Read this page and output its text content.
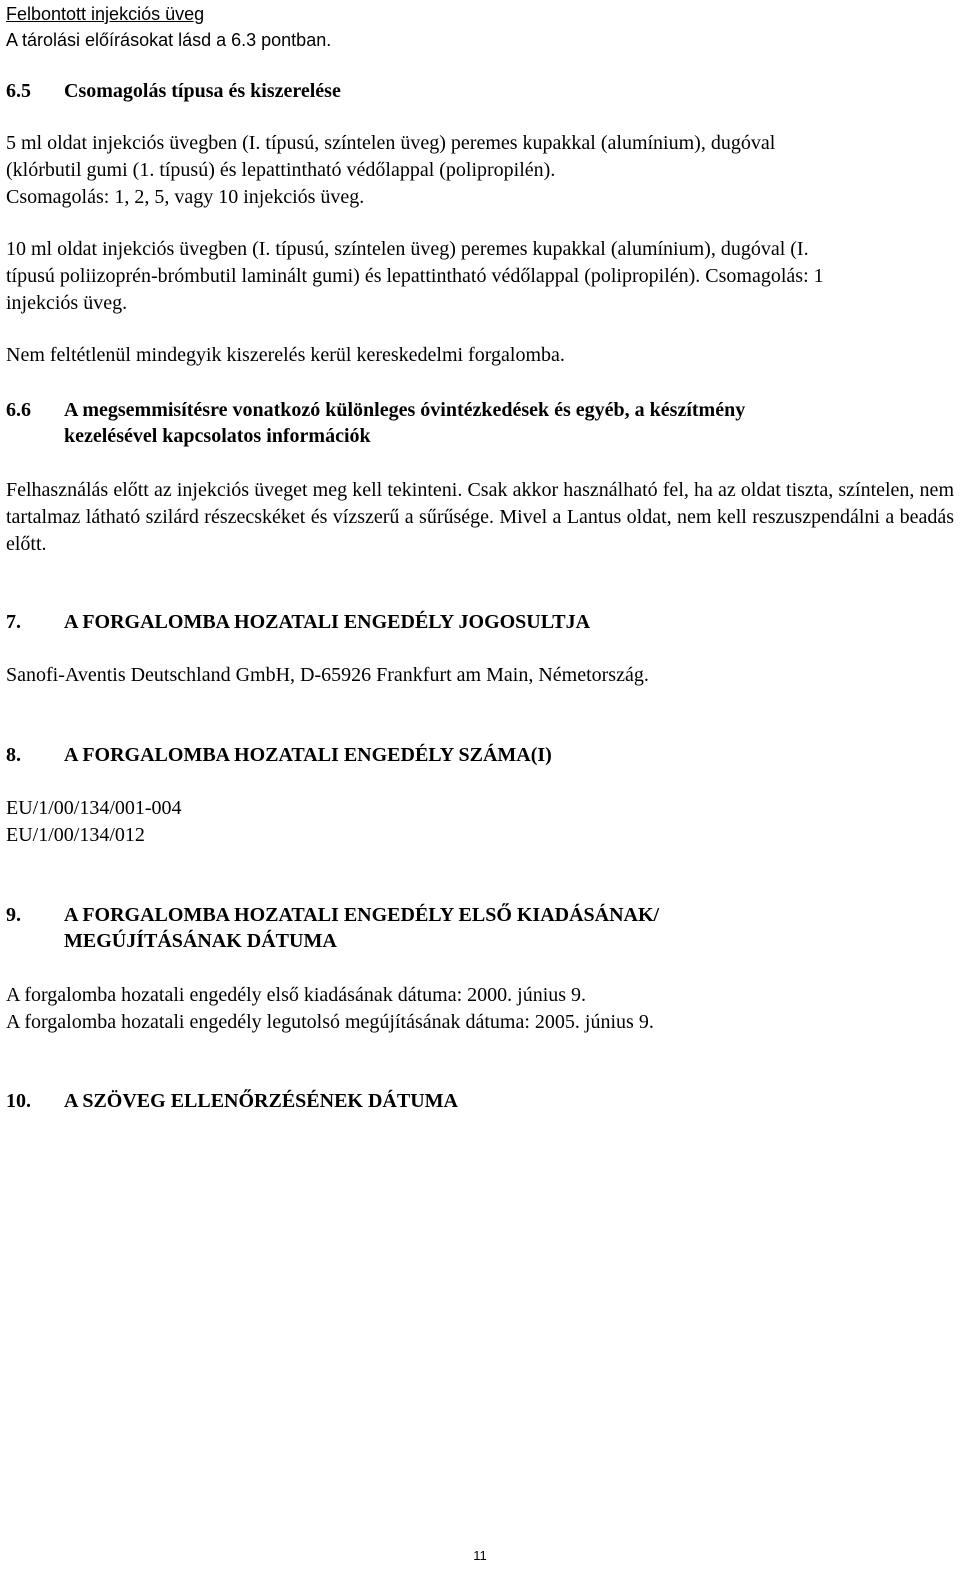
Felbontott injekciós üveg
A tárolási előírásokat lásd a 6.3 pontban.
6.5 Csomagolás típusa és kiszerelése
5 ml oldat injekciós üvegben (I. típusú, színtelen üveg) peremes kupakkal (alumínium), dugóval
(klórbutil gumi (1. típusú) és lepattintható védőlappal (polipropilén).
Csomagolás: 1, 2, 5, vagy 10 injekciós üveg.
10 ml oldat injekciós üvegben (I. típusú, színtelen üveg) peremes kupakkal (alumínium), dugóval (I.
típusú poliizoprén-brómbutil laminált gumi) és lepattintható védőlappal (polipropilén). Csomagolás: 1
injekciós üveg.
Nem feltétlenül mindegyik kiszerelés kerül kereskedelmi forgalomba.
6.6 A megsemmisítésre vonatkozó különleges óvintézkedések és egyéb, a készítmény
kezelésével kapcsolatos információk
Felhasználás előtt az injekciós üveget meg kell tekinteni. Csak akkor használható fel, ha az oldat tiszta, színtelen, nem tartalmaz látható szilárd részecskéket és vízszerű a sűrűsége. Mivel a Lantus oldat, nem kell reszuszpendálni a beadás előtt.
7. A FORGALOMBA HOZATALI ENGEDÉLY JOGOSULTJA
Sanofi-Aventis Deutschland GmbH, D-65926 Frankfurt am Main, Németország.
8. A FORGALOMBA HOZATALI ENGEDÉLY SZÁMA(I)
EU/1/00/134/001-004
EU/1/00/134/012
9. A FORGALOMBA HOZATALI ENGEDÉLY ELSŐ KIADÁSÁNAK/
MEGÚJÍTÁSÁNAK DÁTUMA
A forgalomba hozatali engedély első kiadásának dátuma: 2000. június 9.
A forgalomba hozatali engedély legutolsó megújításának dátuma: 2005. június 9.
10. A SZÖVEG ELLENŐRZÉSÉNEK DÁTUMA
11
